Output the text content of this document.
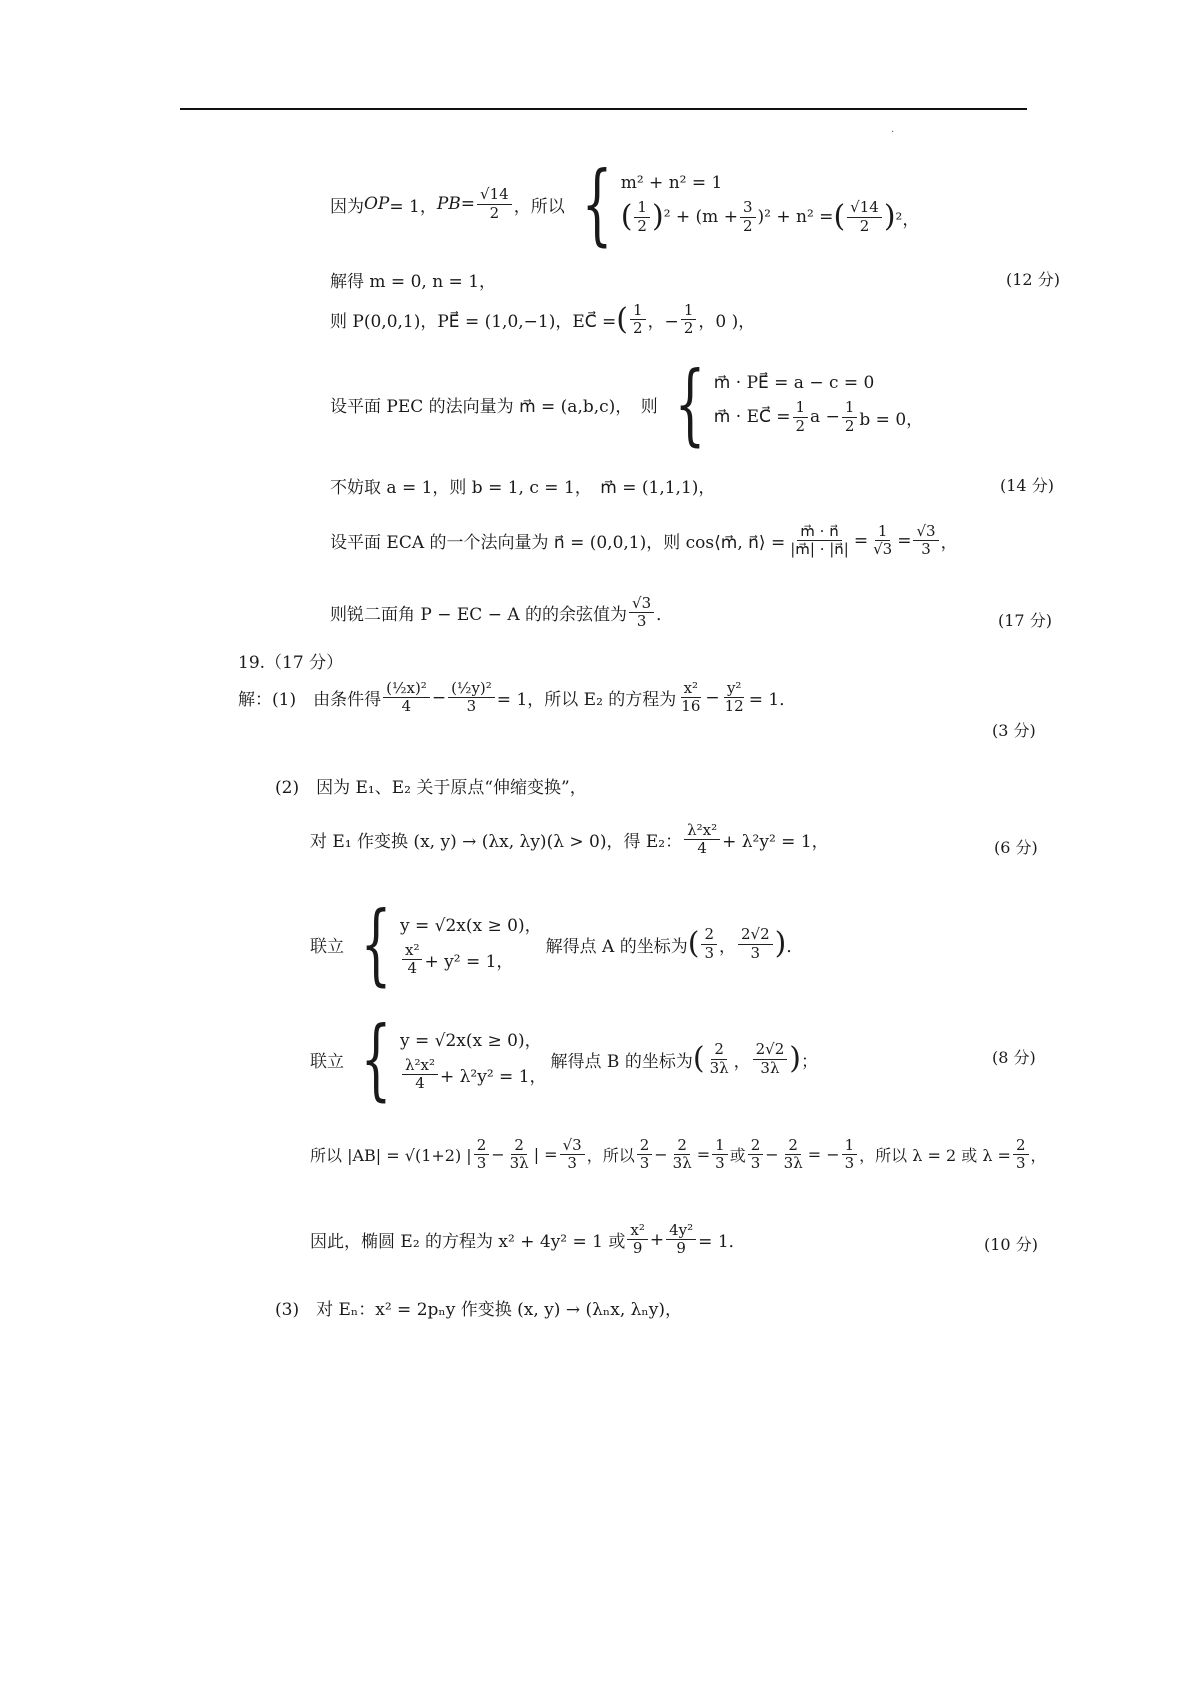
·
因为 OP = 1， PB = $\frac{√14}{2}$ ，所以 { m² + n² = 1
( $\frac{1}{2}$ ) $^2 + (m + \frac{3}{2} )^2 + n^2$ = ( $\frac{√14}{2}$ ) ²，
解得 m = 0, n = 1，	(12 分)
则 P(0,0,1)，PE⃗ = (1,0,−1)，EC⃗ = ( $\frac{1}{2}$ ，− $\frac{1}{2}$ ，0 )，
设平面 PEC 的法向量为 m⃗ = (a,b,c)，　则 { m⃗ · PE⃗ = a − c = 0
m⃗ · EC⃗ = $\frac{1}{2}$ $a - \frac{1}{2}$ b = 0，
不妨取 a = 1，则 b = 1, c = 1，　m⃗ = (1,1,1)，	(14 分)
设平面 ECA 的一个法向量为 n⃗ = (0,0,1)，则 cos⟨m⃗, n⃗⟩ = $\frac{m⃗ \cdot n⃗}{|m⃗| \cdot |n⃗|} = \frac{1}{√3} = \frac{√3}{3}$ ，
则锐二面角 P − EC − A 的的余弦值为 $\frac{√3}{3}$ ．	(17 分)
19.（17 分）
解：(1)　由条件得 $\frac{\text{(½x)²}}{4} - \frac{\text{(½y)²}}{3} = 1$，所以 E₂ 的方程为 $\frac{\text{x²}}{16} - \frac{\text{y²}}{12} = 1$．
(3 分)
(2)　因为 E₁、E₂ 关于原点“伸缩变换”，
对 E₁ 作变换 (x, y) → (λx, λy)(λ > 0)，得 E₂： $\frac{\text{λ²x²}}{4} + \lambda^2y^2 = 1$，	(6 分)
联立 { y = √2x(x ≥ 0)，
$\frac{\text{x²}}{4} + y^2 = 1$，
解得点 A 的坐标为 ( $\frac{2}{3}$ ， $\frac{2√2}{3}$ ) ．
联立 { y = √2x(x ≥ 0)，
$\frac{\text{λ²x²}}{4} + \lambda^2y^2 = 1$，
解得点 B 的坐标为 ( $\frac{2}{3\lambda}$ ， $\frac{2√2}{3\lambda}$ ) ；	(8 分)
所以 |AB| = √(1+2) | $\frac{2}{3} - \frac{2}{3\lambda}$ | = $\frac{√3}{3}$ ，所以 $\frac{2}{3} - \frac{2}{3\lambda} = \frac{1}{3}$ 或 $\frac{2}{3} - \frac{2}{3\lambda}$ = − $\frac{1}{3}$ ，所以 λ = 2 或 $\lambda = \frac{2}{3}$ ，
因此，椭圆 E₂ 的方程为 x² + 4y² = 1 或 $\frac{\text{x²}}{9} + \frac{\text{4y²}}{9} = 1$．	(10 分)
(3)　对 Eₙ：x² = 2pₙy 作变换 (x, y) → (λₙx, λₙy)，
